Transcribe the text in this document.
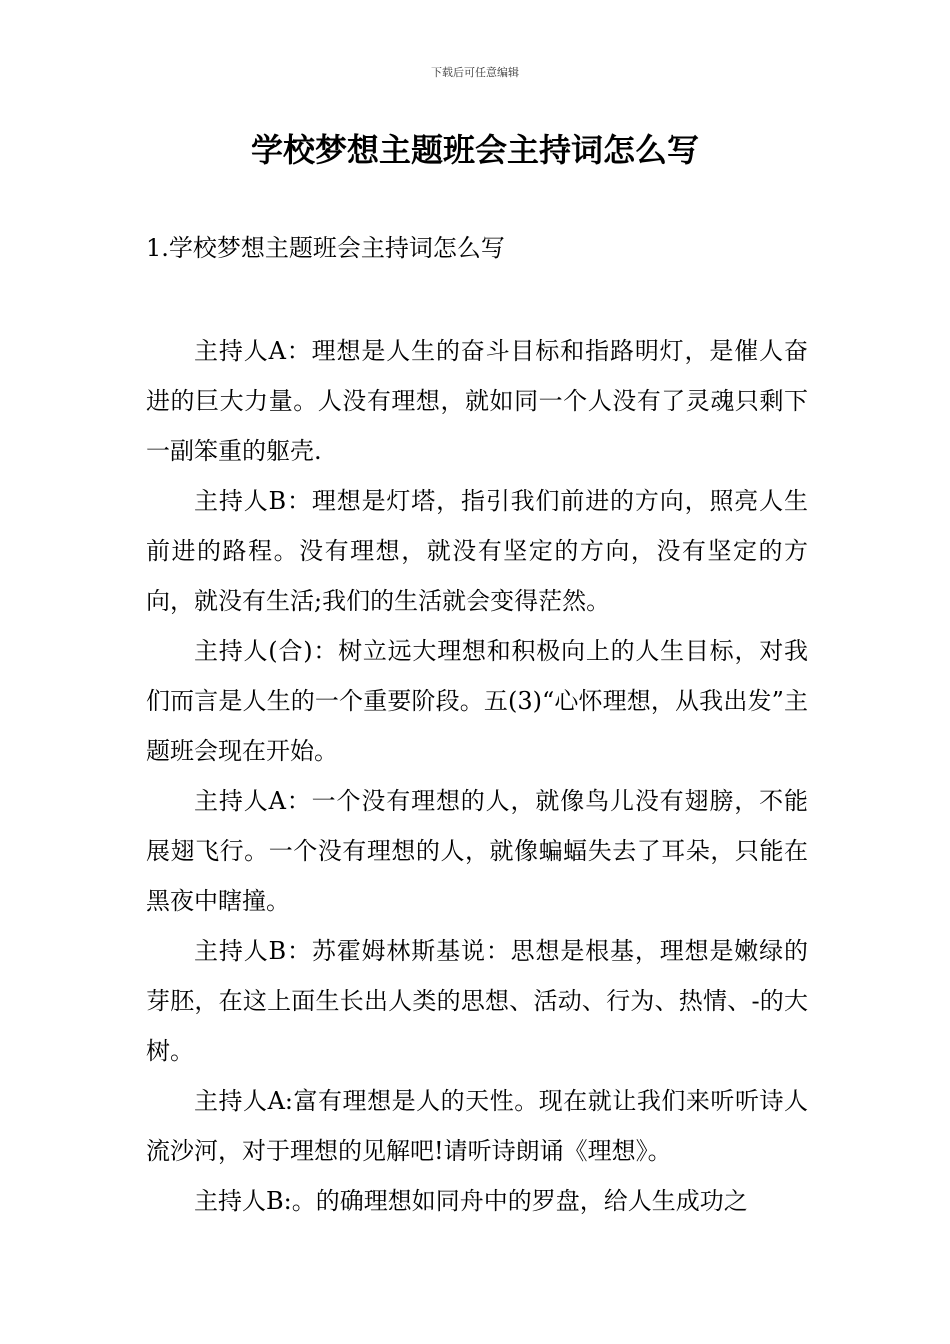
下载后可任意编辑
学校梦想主题班会主持词怎么写
1.学校梦想主题班会主持词怎么写

主持人A：理想是人生的奋斗目标和指路明灯，是催人奋进的巨大力量。人没有理想，就如同一个人没有了灵魂只剩下一副笨重的躯壳.

主持人B：理想是灯塔，指引我们前进的方向，照亮人生前进的路程。没有理想，就没有坚定的方向，没有坚定的方向，就没有生活;我们的生活就会变得茫然。

主持人(合)：树立远大理想和积极向上的人生目标，对我们而言是人生的一个重要阶段。五(3)“心怀理想，从我出发”主题班会现在开始。

主持人A：一个没有理想的人，就像鸟儿没有翅膀，不能展翅飞行。一个没有理想的人，就像蝙蝠失去了耳朵，只能在黑夜中瞎撞。

主持人B：苏霍姆林斯基说：思想是根基，理想是嫩绿的芽胚，在这上面生长出人类的思想、活动、行为、热情、-的大树。

主持人A:富有理想是人的天性。现在就让我们来听听诗人流沙河，对于理想的见解吧!请听诗朗诵《理想》。

主持人B:。的确理想如同舟中的罗盘，给人生成功之
